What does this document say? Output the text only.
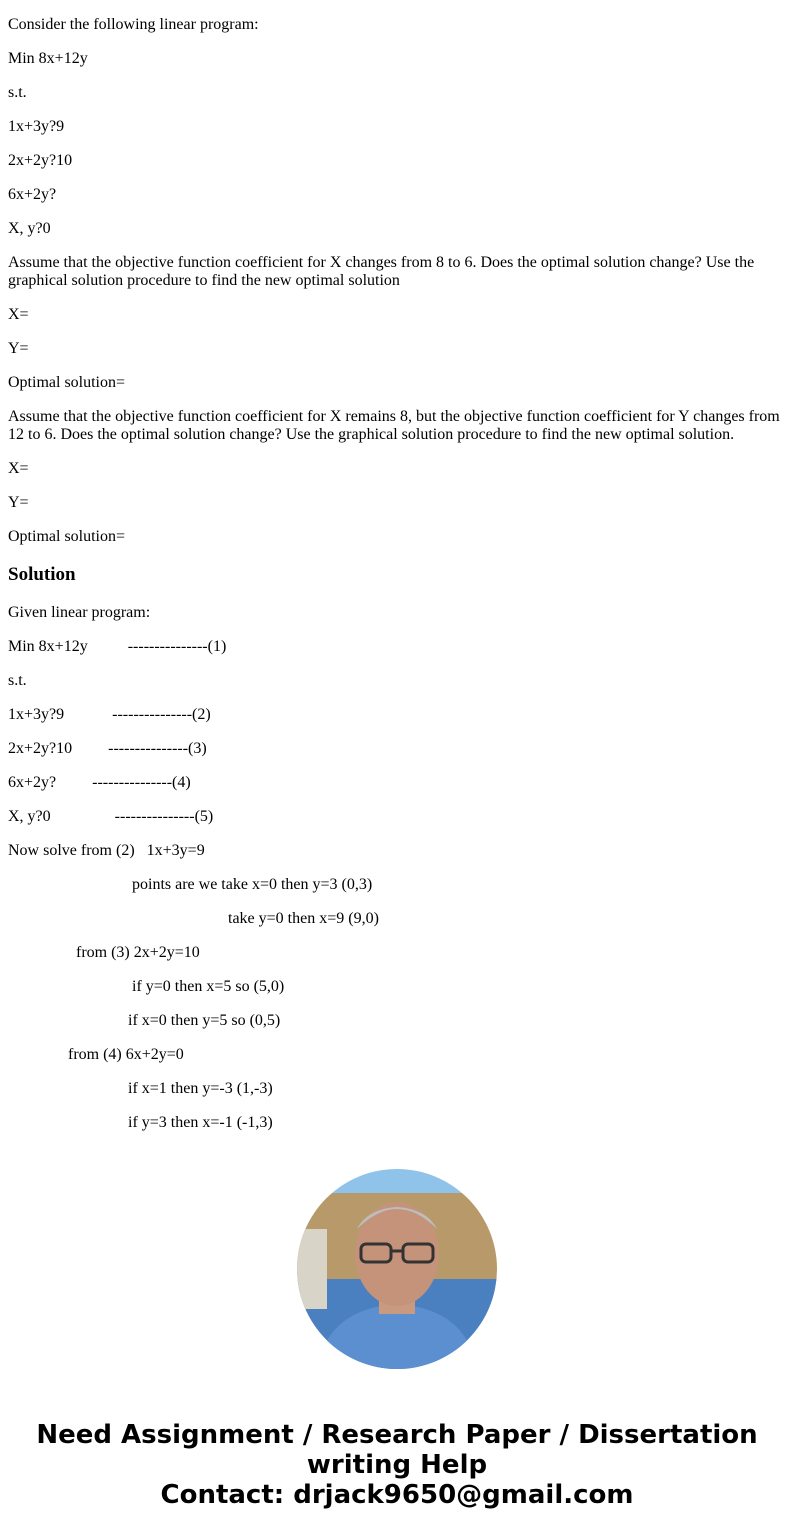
Consider the following linear program:

Min 8x+12y

s.t.

1x+3y?9

2x+2y?10

6x+2y?

X, y?0

Assume that the objective function coefficient for X changes from 8 to 6. Does the optimal solution change? Use the graphical solution procedure to find the new optimal solution

X=

Y=

Optimal solution=

Assume that the objective function coefficient for X remains 8, but the objective function coefficient for Y changes from 12 to 6. Does the optimal solution change? Use the graphical solution procedure to find the new optimal solution.

X=

Y=

Optimal solution=

Solution

Given linear program:

Min 8x+12y	---------------(1)

s.t.

1x+3y?9	---------------(2)

2x+2y?10 ---------------(3)

6x+2y? ---------------(4)

X, y?0	---------------(5)

Now solve from (2)   1x+3y=9

points are we take x=0 then y=3 (0,3)

take y=0 then x=9 (9,0)

from (3) 2x+2y=10

if y=0 then x=5 so (5,0)

if x=0 then y=5 so (0,5)

from (4) 6x+2y=0

if x=1 then y=-3 (1,-3)

if y=3 then x=-1 (-1,3)

Need Assignment / Research Paper / Dissertation
writing Help
Contact: drjack9650@gmail.com
